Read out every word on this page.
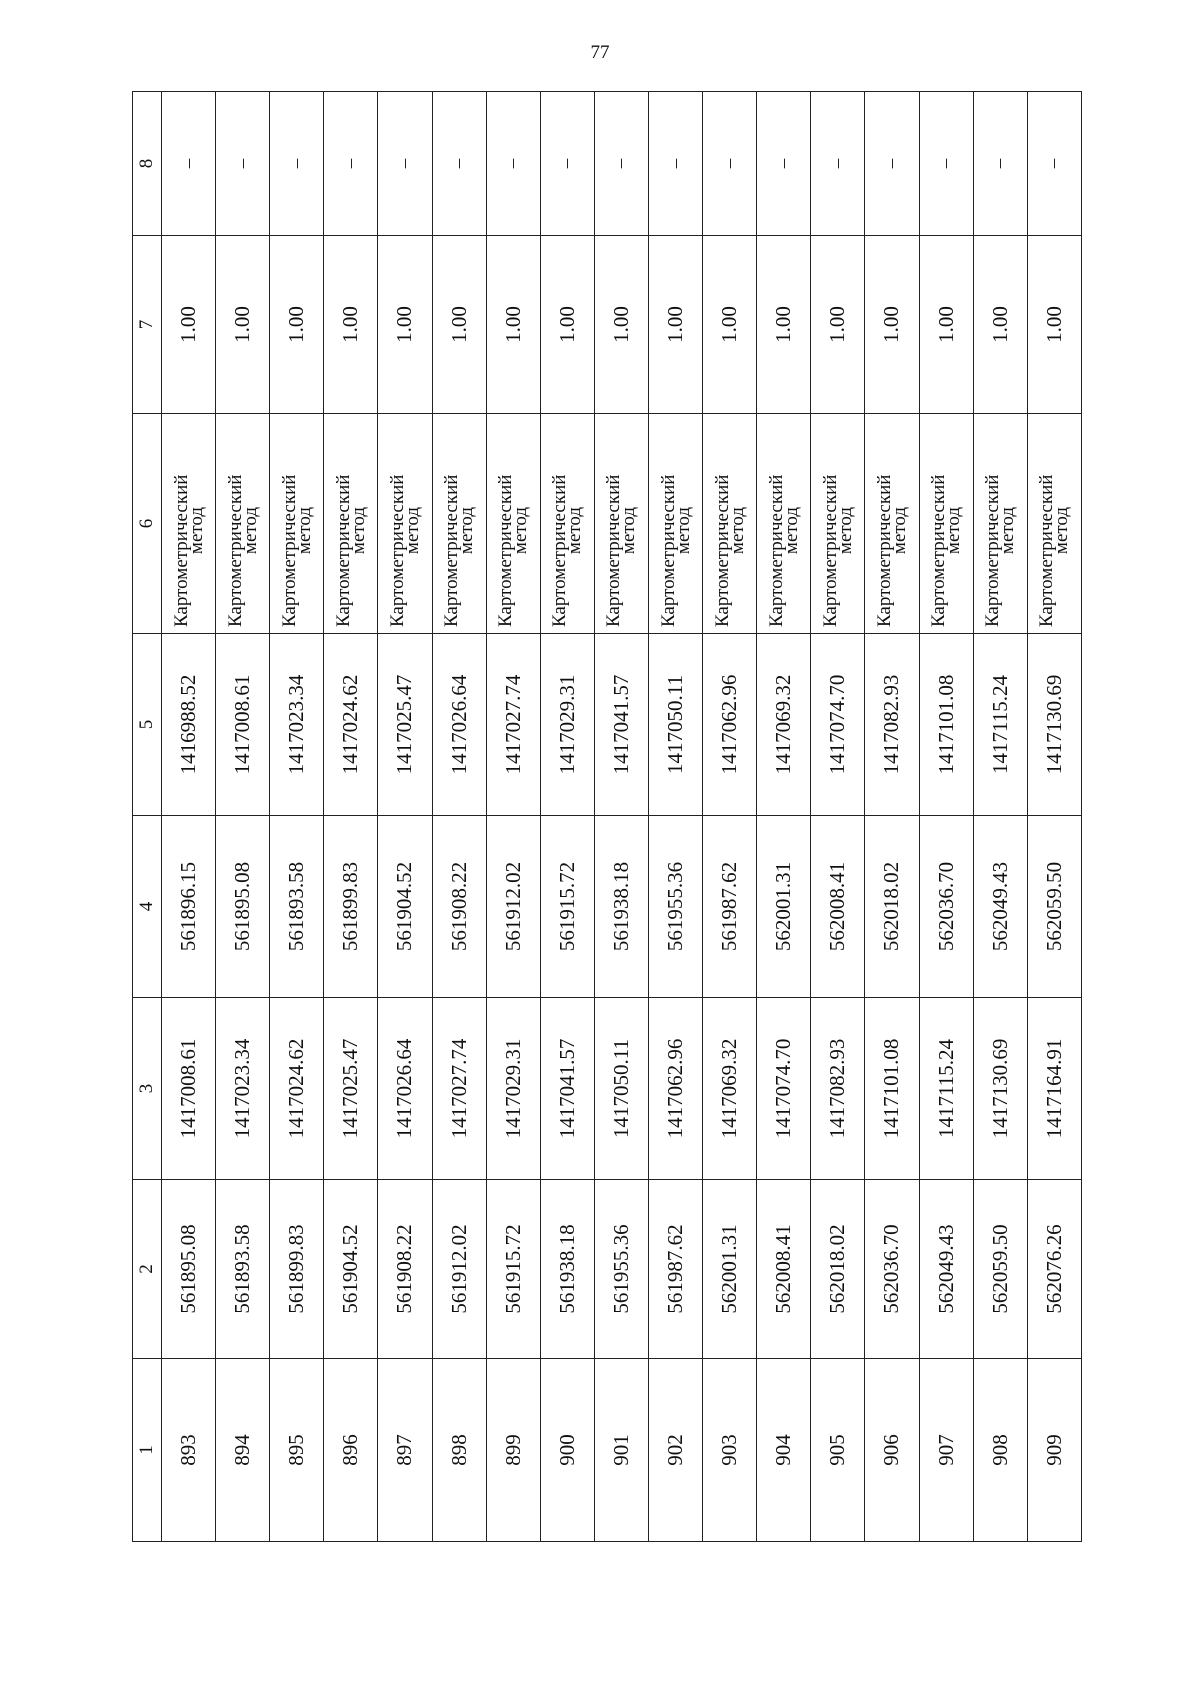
77
1	2	3	4	5	6	7	8
893	561895.08	1417008.61	561896.15	1416988.52	Картометрический
метод	1.00	–
894	561893.58	1417023.34	561895.08	1417008.61	Картометрический
метод	1.00	–
895	561899.83	1417024.62	561893.58	1417023.34	Картометрический
метод	1.00	–
896	561904.52	1417025.47	561899.83	1417024.62	Картометрический
метод	1.00	–
897	561908.22	1417026.64	561904.52	1417025.47	Картометрический
метод	1.00	–
898	561912.02	1417027.74	561908.22	1417026.64	Картометрический
метод	1.00	–
899	561915.72	1417029.31	561912.02	1417027.74	Картометрический
метод	1.00	–
900	561938.18	1417041.57	561915.72	1417029.31	Картометрический
метод	1.00	–
901	561955.36	1417050.11	561938.18	1417041.57	Картометрический
метод	1.00	–
902	561987.62	1417062.96	561955.36	1417050.11	Картометрический
метод	1.00	–
903	562001.31	1417069.32	561987.62	1417062.96	Картометрический
метод	1.00	–
904	562008.41	1417074.70	562001.31	1417069.32	Картометрический
метод	1.00	–
905	562018.02	1417082.93	562008.41	1417074.70	Картометрический
метод	1.00	–
906	562036.70	1417101.08	562018.02	1417082.93	Картометрический
метод	1.00	–
907	562049.43	1417115.24	562036.70	1417101.08	Картометрический
метод	1.00	–
908	562059.50	1417130.69	562049.43	1417115.24	Картометрический
метод	1.00	–
909	562076.26	1417164.91	562059.50	1417130.69	Картометрический
метод	1.00	–
